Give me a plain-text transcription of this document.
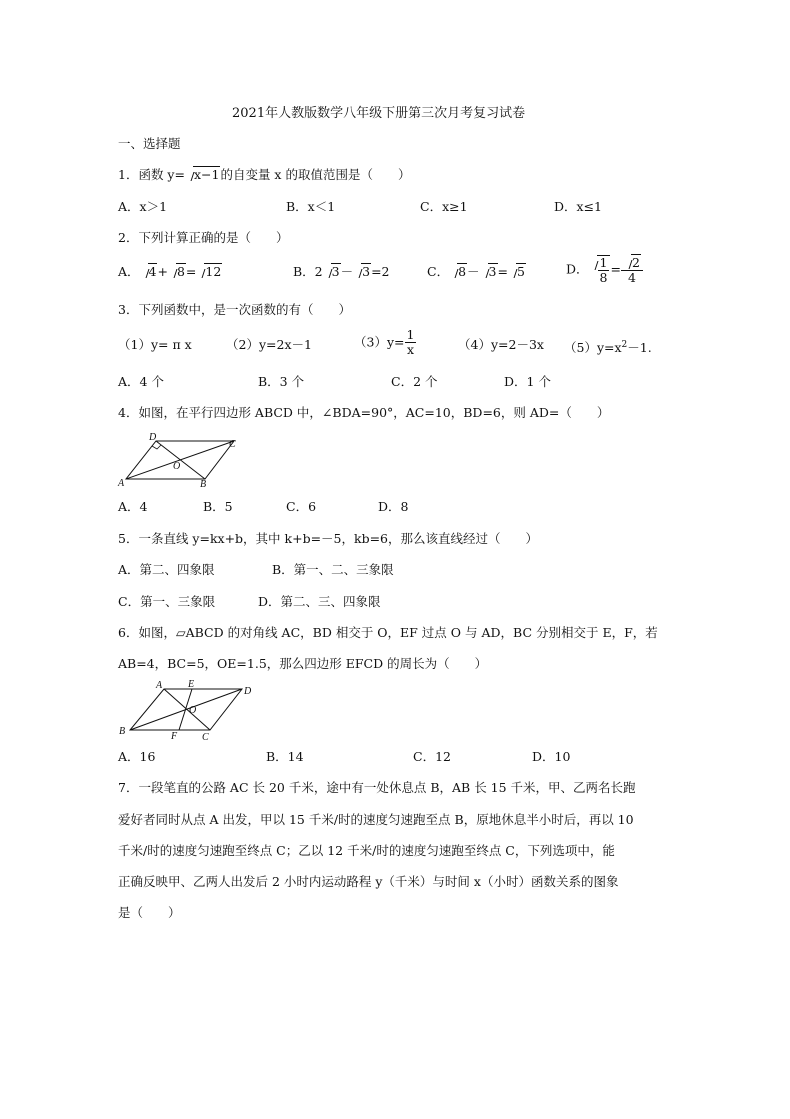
2021年人教版数学八年级下册第三次月考复习试卷
一、选择题
1．函数 y= x−1的自变量 x 的取值范围是（　　）
A．x＞1	B．x＜1	C．x≥1	D．x≤1
2．下列计算正确的是（　　）
A． 4+ 8= 12	B．2 3－ 3=2	C． 8－ 3= 5	D． $\frac{1}{8} = \frac{2}{4}$
3．下列函数中，是一次函数的有（　　）
（1）y= π x	（2）y=2x－1	$(3)y= \frac{1}{x}$	（4）y=2－3x $(5)y=x^2-1$.
A．4 个	B．3 个	C．2 个	D．1 个
4．如图，在平行四边形 ABCD 中，∠BDA=90°，AC=10，BD=6，则 AD=（　　）
D
C
A	B
O
A．4	B．5	C．6	D．8
5．一条直线 y=kx+b，其中 k+b=－5，kb=6，那么该直线经过（　　）
A．第二、四象限	B．第一、二、三象限
C．第一、三象限	D．第二、三、四象限
6．如图，▱ABCD 的对角线 AC，BD 相交于 O，EF 过点 O 与 AD，BC 分别相交于 E，F，若
AB=4，BC=5，OE=1.5，那么四边形 EFCD 的周长为（　　）
A	E
D
B	F C
O
A．16	B．14	C．12	D．10
7．一段笔直的公路 AC 长 20 千米，途中有一处休息点 B，AB 长 15 千米，甲、乙两名长跑
爱好者同时从点 A 出发，甲以 15 千米/时的速度匀速跑至点 B，原地休息半小时后，再以 10
千米/时的速度匀速跑至终点 C；乙以 12 千米/时的速度匀速跑至终点 C，下列选项中，能
正确反映甲、乙两人出发后 2 小时内运动路程 y（千米）与时间 x（小时）函数关系的图象
是（　　）
